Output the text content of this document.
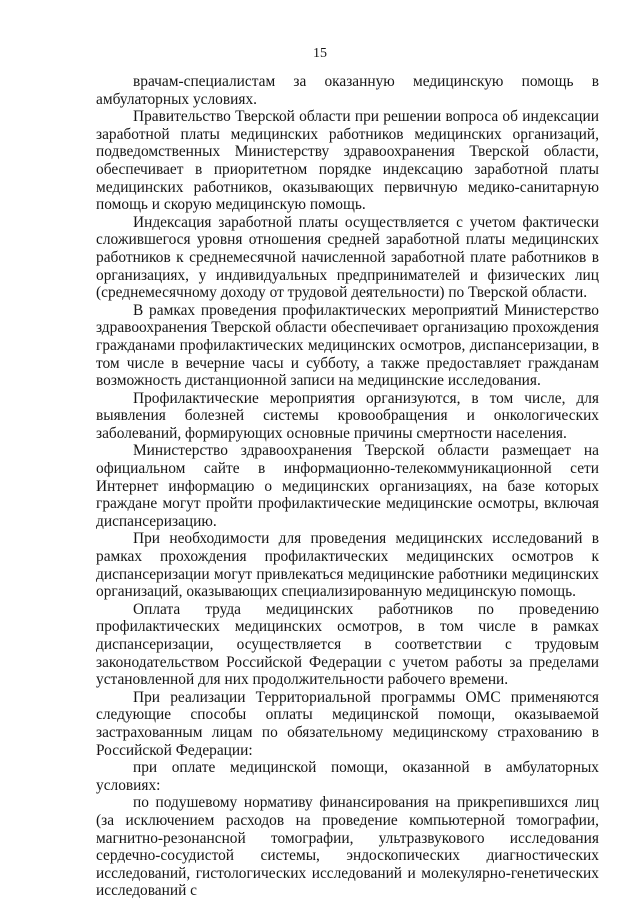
15

врачам-специалистам за оказанную медицинскую помощь в амбулаторных условиях.

Правительство Тверской области при решении вопроса об индексации заработной платы медицинских работников медицинских организаций, подведомственных Министерству здравоохранения Тверской области, обеспечивает в приоритетном порядке индексацию заработной платы медицинских работников, оказывающих первичную медико-санитарную помощь и скорую медицинскую помощь.

Индексация заработной платы осуществляется с учетом фактически сложившегося уровня отношения средней заработной платы медицинских работников к среднемесячной начисленной заработной плате работников в организациях, у индивидуальных предпринимателей и физических лиц (среднемесячному доходу от трудовой деятельности) по Тверской области.

В рамках проведения профилактических мероприятий Министерство здравоохранения Тверской области обеспечивает организацию прохождения гражданами профилактических медицинских осмотров, диспансеризации, в том числе в вечерние часы и субботу, а также предоставляет гражданам возможность дистанционной записи на медицинские исследования.

Профилактические мероприятия организуются, в том числе, для выявления болезней системы кровообращения и онкологических заболеваний, формирующих основные причины смертности населения.

Министерство здравоохранения Тверской области размещает на официальном сайте в информационно-телекоммуникационной сети Интернет информацию о медицинских организациях, на базе которых граждане могут пройти профилактические медицинские осмотры, включая диспансеризацию.

При необходимости для проведения медицинских исследований в рамках прохождения профилактических медицинских осмотров к диспансеризации могут привлекаться медицинские работники медицинских организаций, оказывающих специализированную медицинскую помощь.

Оплата труда медицинских работников по проведению профилактических медицинских осмотров, в том числе в рамках диспансеризации, осуществляется в соответствии с трудовым законодательством Российской Федерации с учетом работы за пределами установленной для них продолжительности рабочего времени.

При реализации Территориальной программы ОМС применяются следующие способы оплаты медицинской помощи, оказываемой застрахованным лицам по обязательному медицинскому страхованию в Российской Федерации:

при оплате медицинской помощи, оказанной в амбулаторных условиях:

по подушевому нормативу финансирования на прикрепившихся лиц (за исключением расходов на проведение компьютерной томографии, магнитно-резонансной томографии, ультразвукового исследования сердечно-сосудистой системы, эндоскопических диагностических исследований, гистологических исследований и молекулярно-генетических исследований с
